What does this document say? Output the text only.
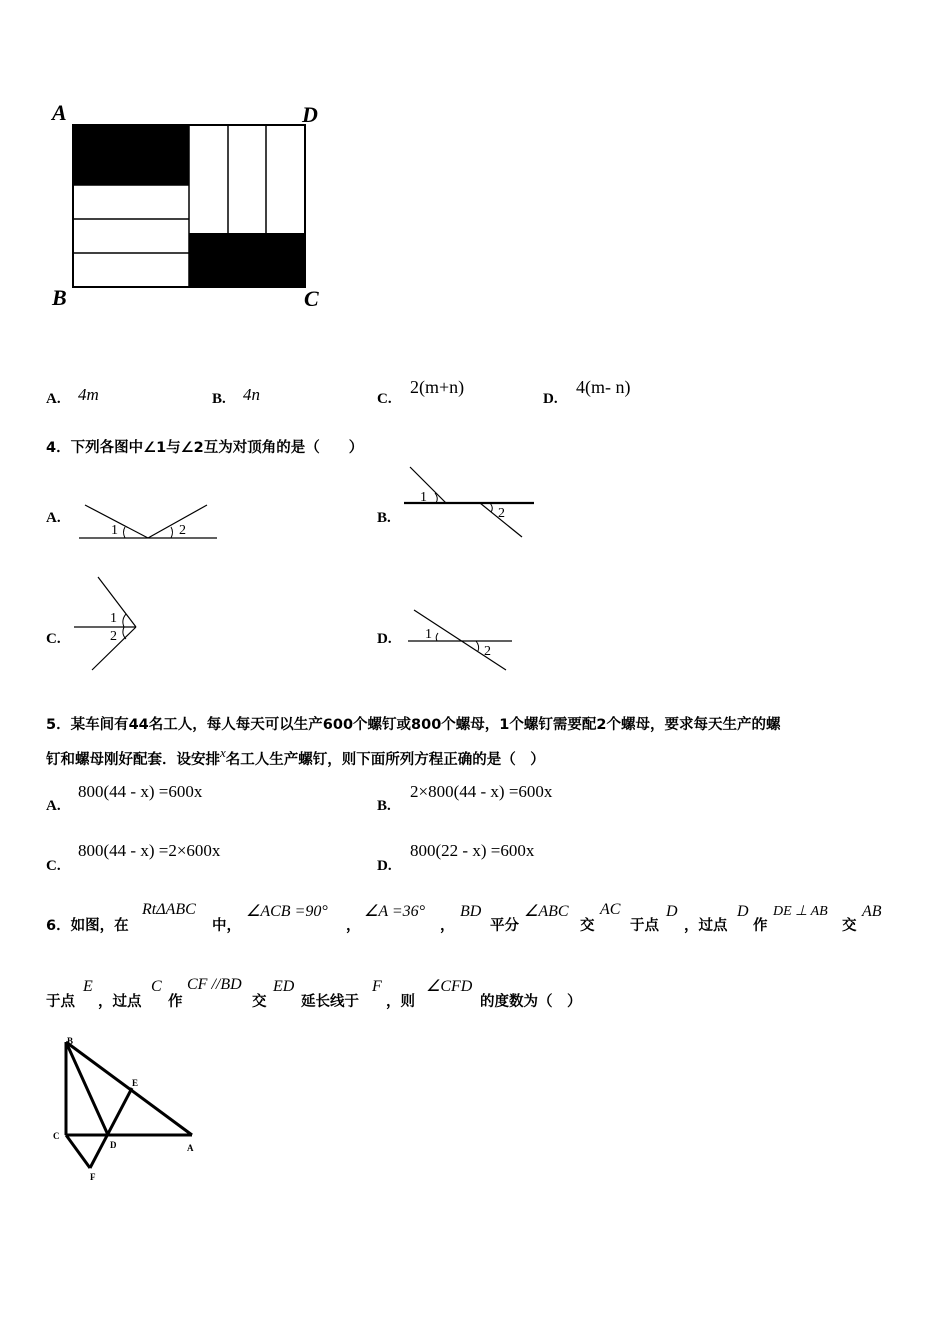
A	D
B	C
A. 4m	B. 4n	C.
2(m+n)
D.
4(m- n)
4．下列各图中∠1与∠2互为对顶角的是（　　）
A.
1	2
B.
1
2
C.
1
2	D. 1
2
5．某车间有44名工人，每人每天可以生产600个螺钉或800个螺母，1个螺钉需要配2个螺母，要求每天生产的螺
钉和螺母刚好配套．设安排$^x$名工人生产螺钉，则下面所列方程正确的是（　）
A.
800(44 - x) =600x
B.
2×800(44 - x) =600x
C.
800(44 - x) =2×600x
D.
800(22 - x) =600x
6．如图，在
RtΔABC
中，
∠ACB =90°
，
∠A =36°
，
BD
平分
∠ABC
交
AC
于点
D
，过点
D
作
DE ⊥ AB
交
AB
于点
E
，过点
C
作
CF //BD
交
ED
延长线于
F
，则
∠CFD
的度数为（　）
B
E
C
D	A
F
